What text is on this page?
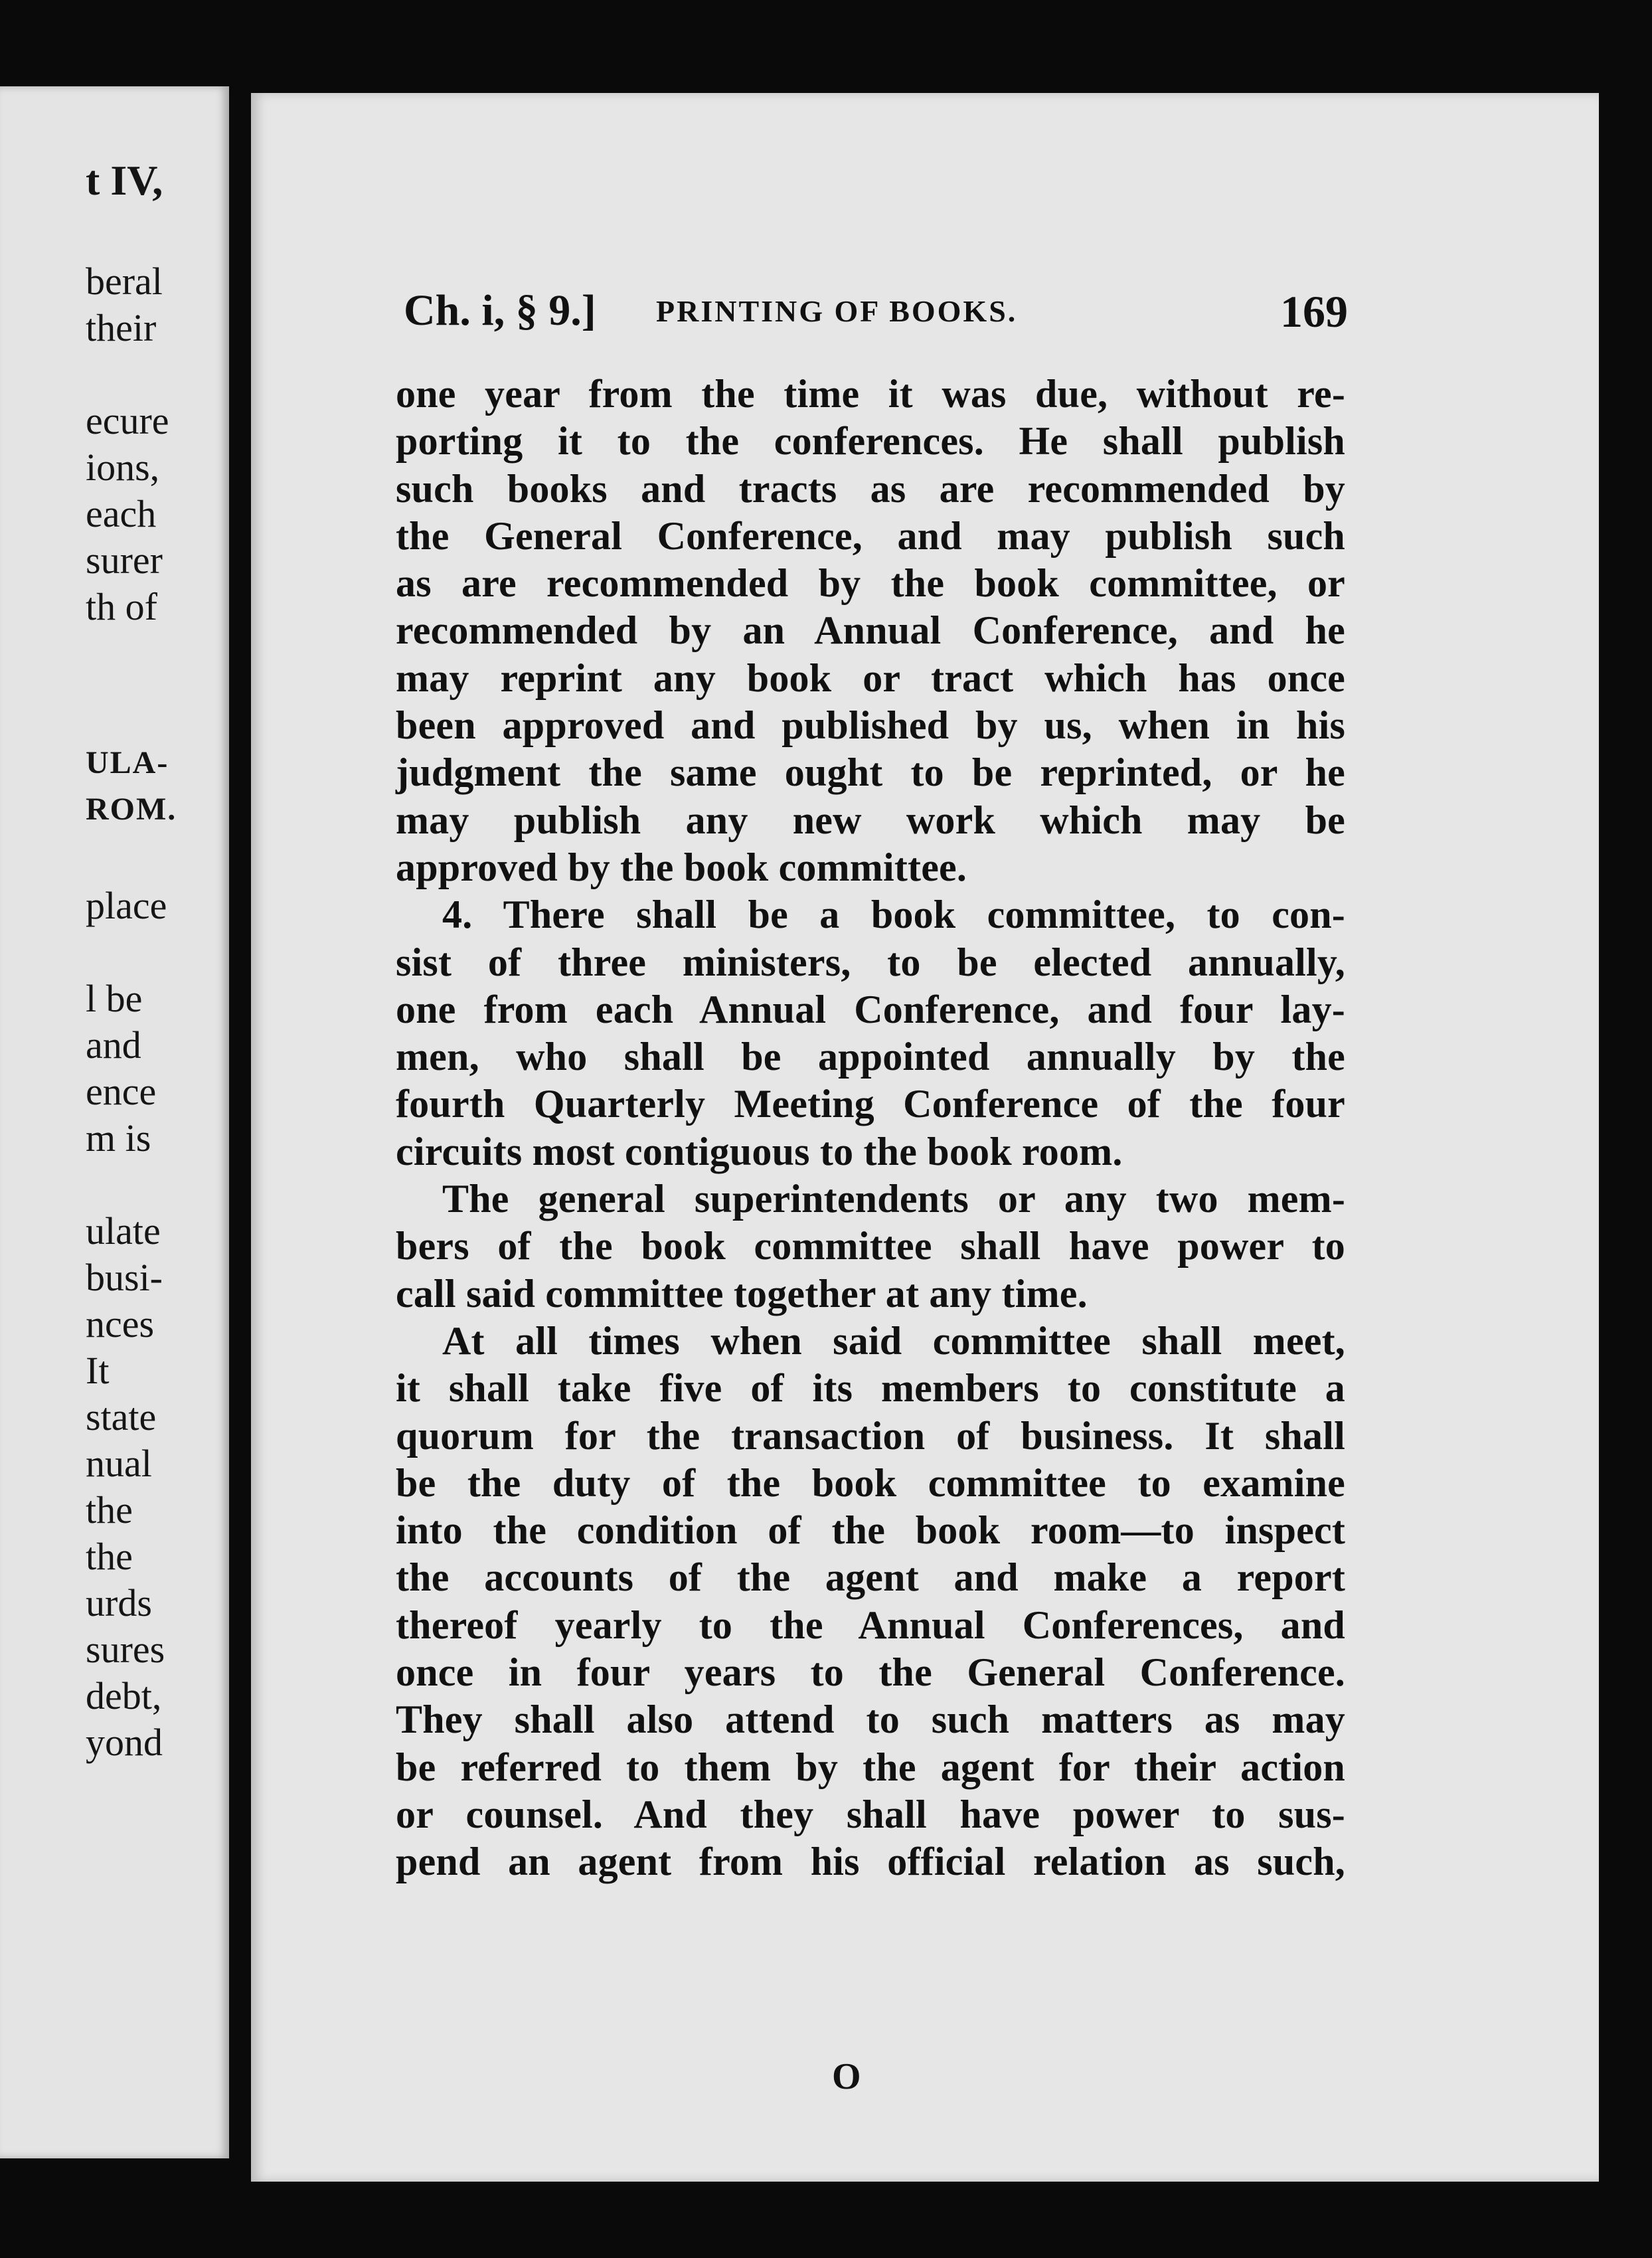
t IV,
beral
their
ecure
ions,
each
surer
th of
ULA-
ROM.
place
l be
and
ence
m is
ulate
busi-
nces
It
state
nual
the
the
urds
sures
debt,
yond
Ch. i, § 9.] PRINTING OF BOOKS.	169
one year from the time it was due, without re-
porting it to the conferences. He shall publish
such books and tracts as are recommended by
the General Conference, and may publish such
as are recommended by the book committee, or
recommended by an Annual Conference, and he
may reprint any book or tract which has once
been approved and published by us, when in his
judgment the same ought to be reprinted, or he
may publish any new work which may be
approved by the book committee.
4. There shall be a book committee, to con-
sist of three ministers, to be elected annually,
one from each Annual Conference, and four lay-
men, who shall be appointed annually by the
fourth Quarterly Meeting Conference of the four
circuits most contiguous to the book room.
The general superintendents or any two mem-
bers of the book committee shall have power to
call said committee together at any time.
At all times when said committee shall meet,
it shall take five of its members to constitute a
quorum for the transaction of business. It shall
be the duty of the book committee to examine
into the condition of the book room—to inspect
the accounts of the agent and make a report
thereof yearly to the Annual Conferences, and
once in four years to the General Conference.
They shall also attend to such matters as may
be referred to them by the agent for their action
or counsel. And they shall have power to sus-
pend an agent from his official relation as such,
O
